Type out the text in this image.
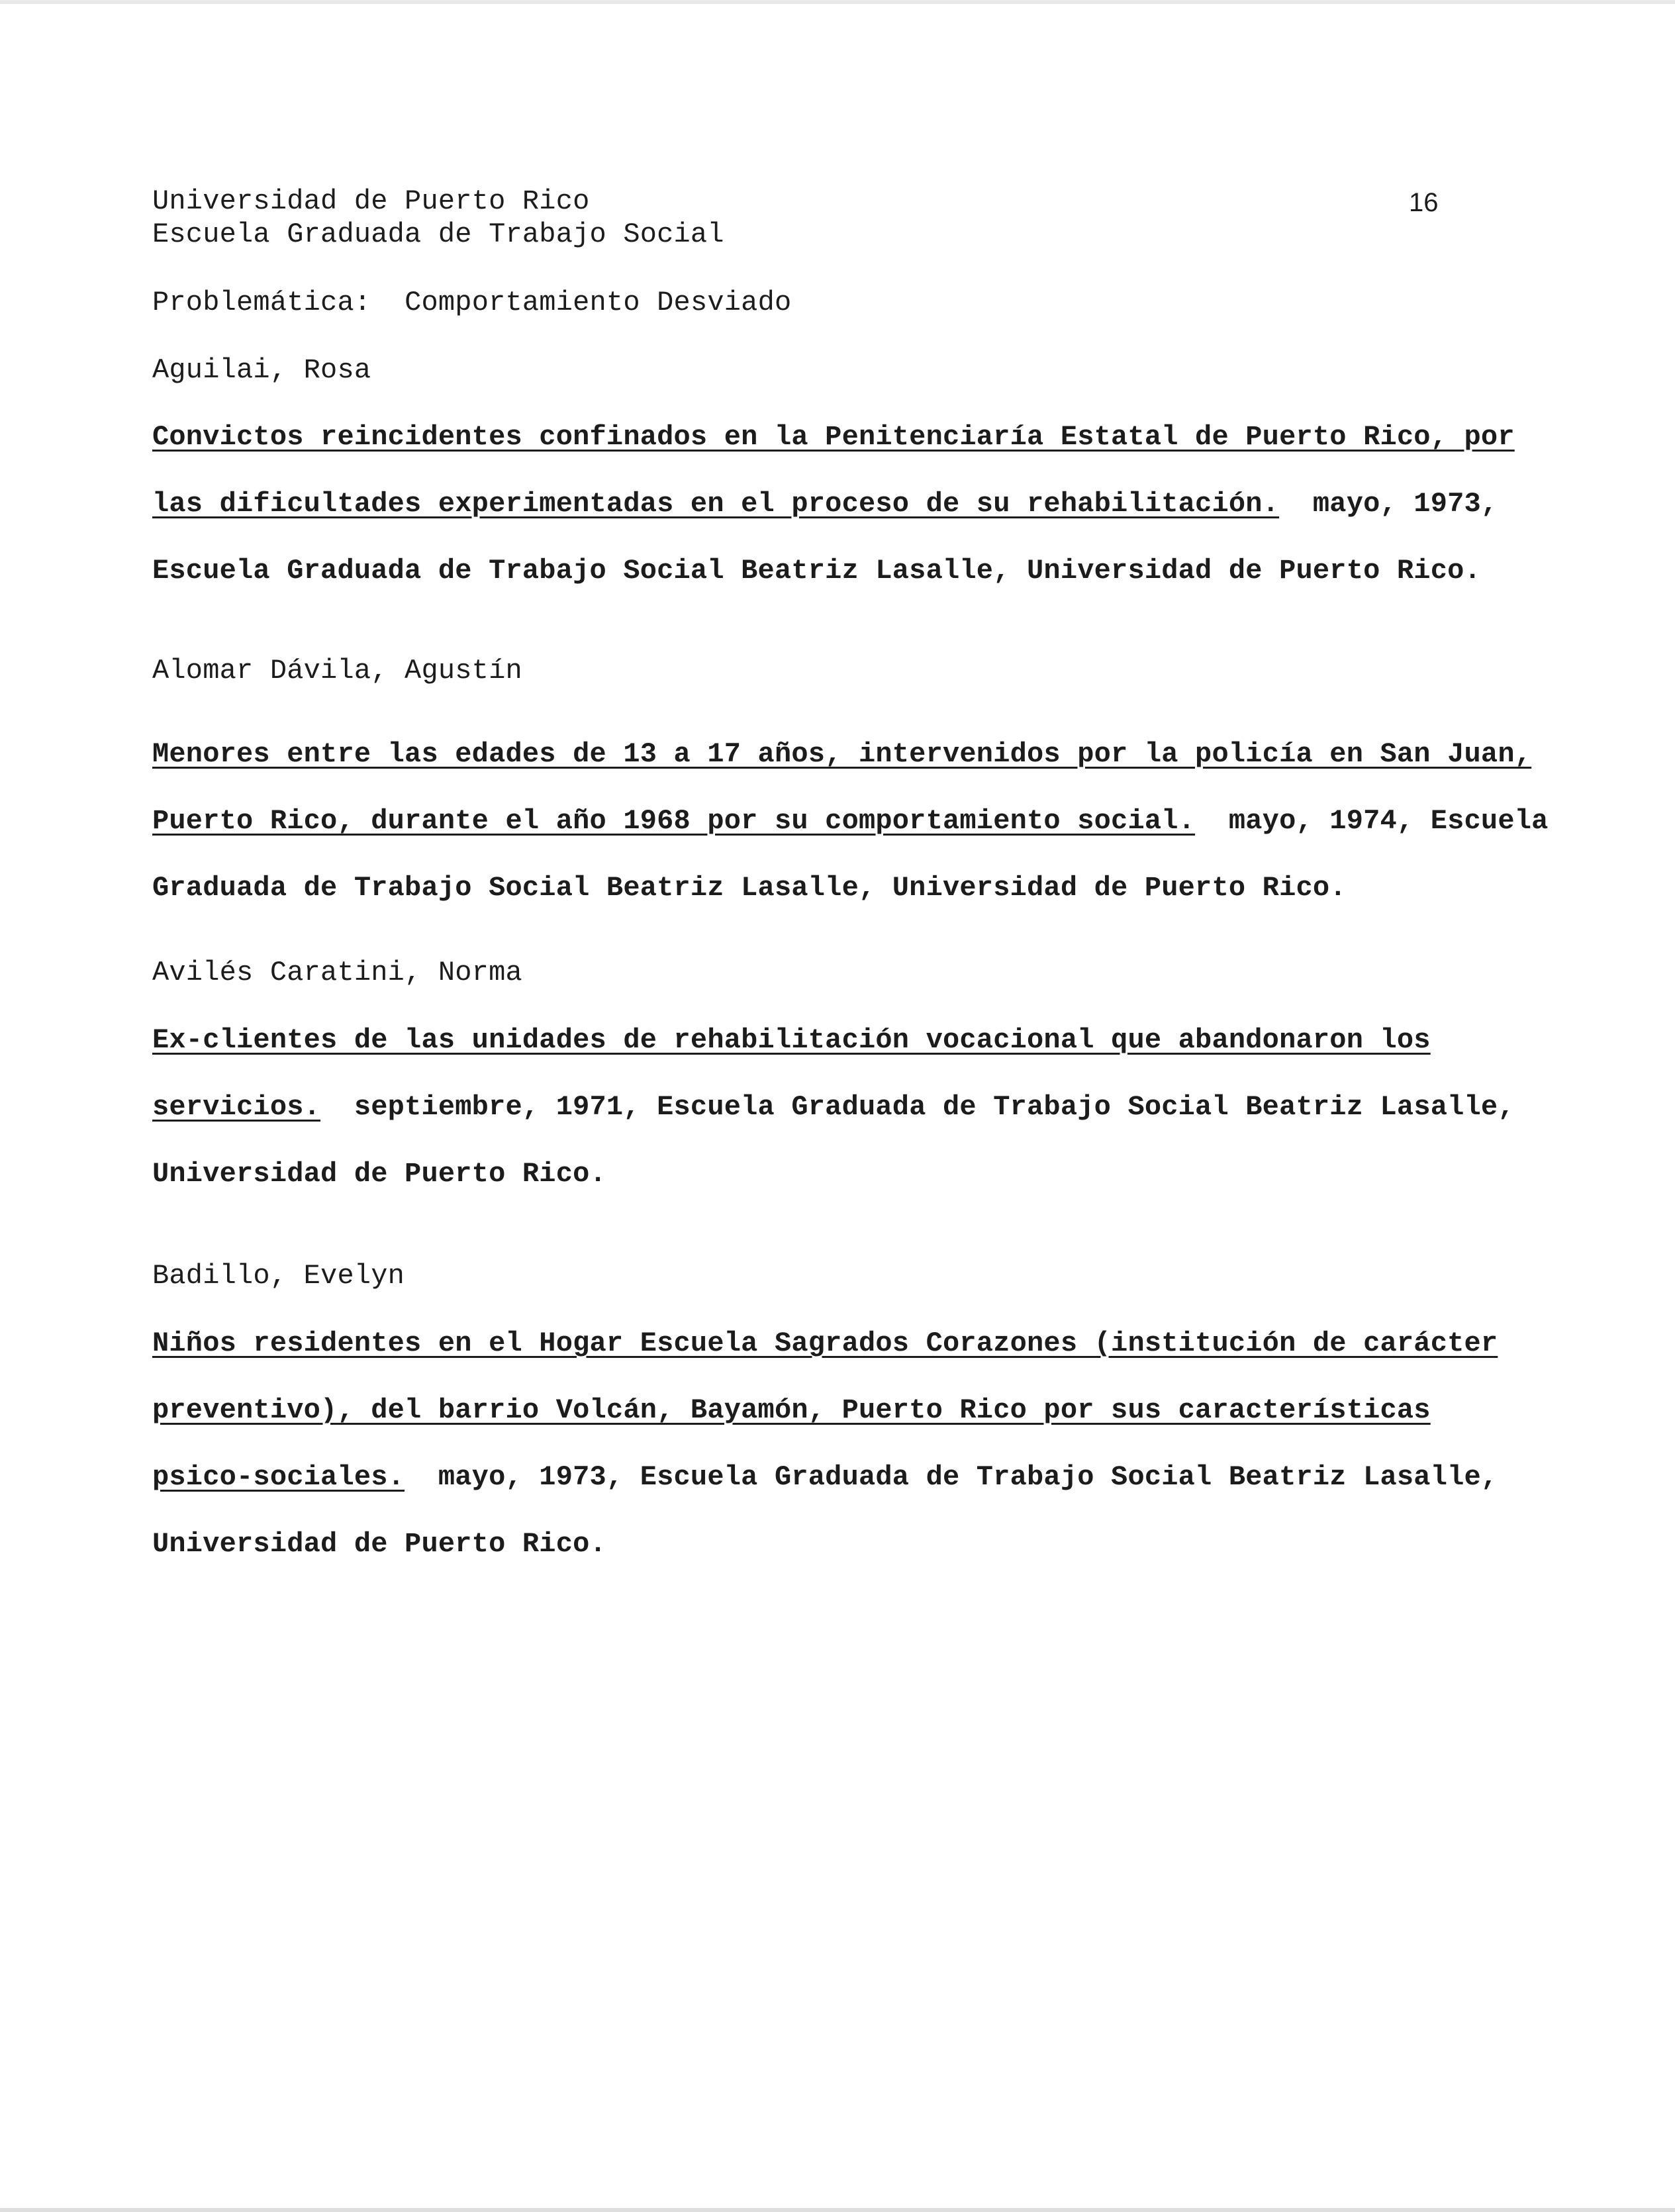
Universidad de Puerto Rico
Escuela Graduada de Trabajo Social
16
Problemática: Comportamiento Desviado
Aguilai, Rosa
Convictos reincidentes confinados en la Penitenciaría Estatal de Puerto Rico, por
las dificultades experimentadas en el proceso de su rehabilitación.  mayo, 1973,
Escuela Graduada de Trabajo Social Beatriz Lasalle, Universidad de Puerto Rico.
Alomar Dávila, Agustín
Menores entre las edades de 13 a 17 años, intervenidos por la policía en San Juan,
Puerto Rico, durante el año 1968 por su comportamiento social.  mayo, 1974, Escuela
Graduada de Trabajo Social Beatriz Lasalle, Universidad de Puerto Rico.
Avilés Caratini, Norma
Ex-clientes de las unidades de rehabilitación vocacional que abandonaron los
servicios.  septiembre, 1971, Escuela Graduada de Trabajo Social Beatriz Lasalle,
Universidad de Puerto Rico.
Badillo, Evelyn
Niños residentes en el Hogar Escuela Sagrados Corazones (institución de carácter
preventivo), del barrio Volcán, Bayamón, Puerto Rico por sus características
psico-sociales.  mayo, 1973, Escuela Graduada de Trabajo Social Beatriz Lasalle,
Universidad de Puerto Rico.
